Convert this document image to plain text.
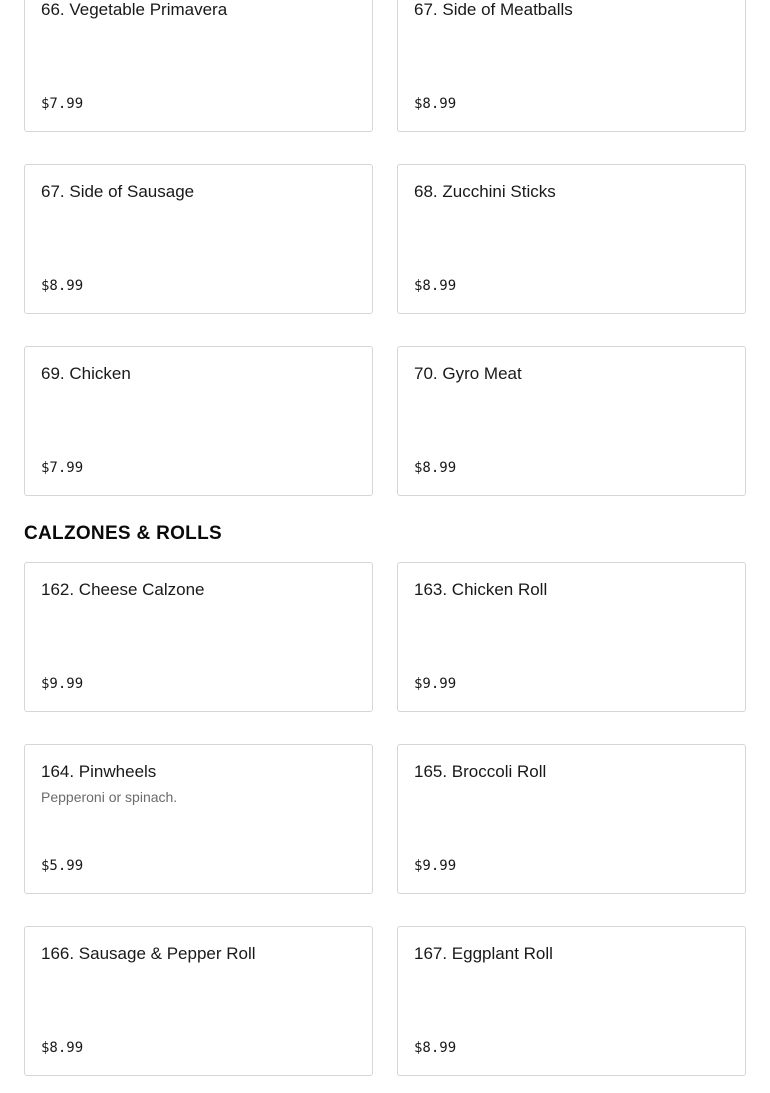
66. Vegetable Primavera
$7.99
67. Side of Meatballs
$8.99
67. Side of Sausage
$8.99
68. Zucchini Sticks
$8.99
69. Chicken
$7.99
70. Gyro Meat
$8.99
CALZONES & ROLLS
162. Cheese Calzone
$9.99
163. Chicken Roll
$9.99
164. Pinwheels
Pepperoni or spinach.
$5.99
165. Broccoli Roll
$9.99
166. Sausage & Pepper Roll
$8.99
167. Eggplant Roll
$8.99
